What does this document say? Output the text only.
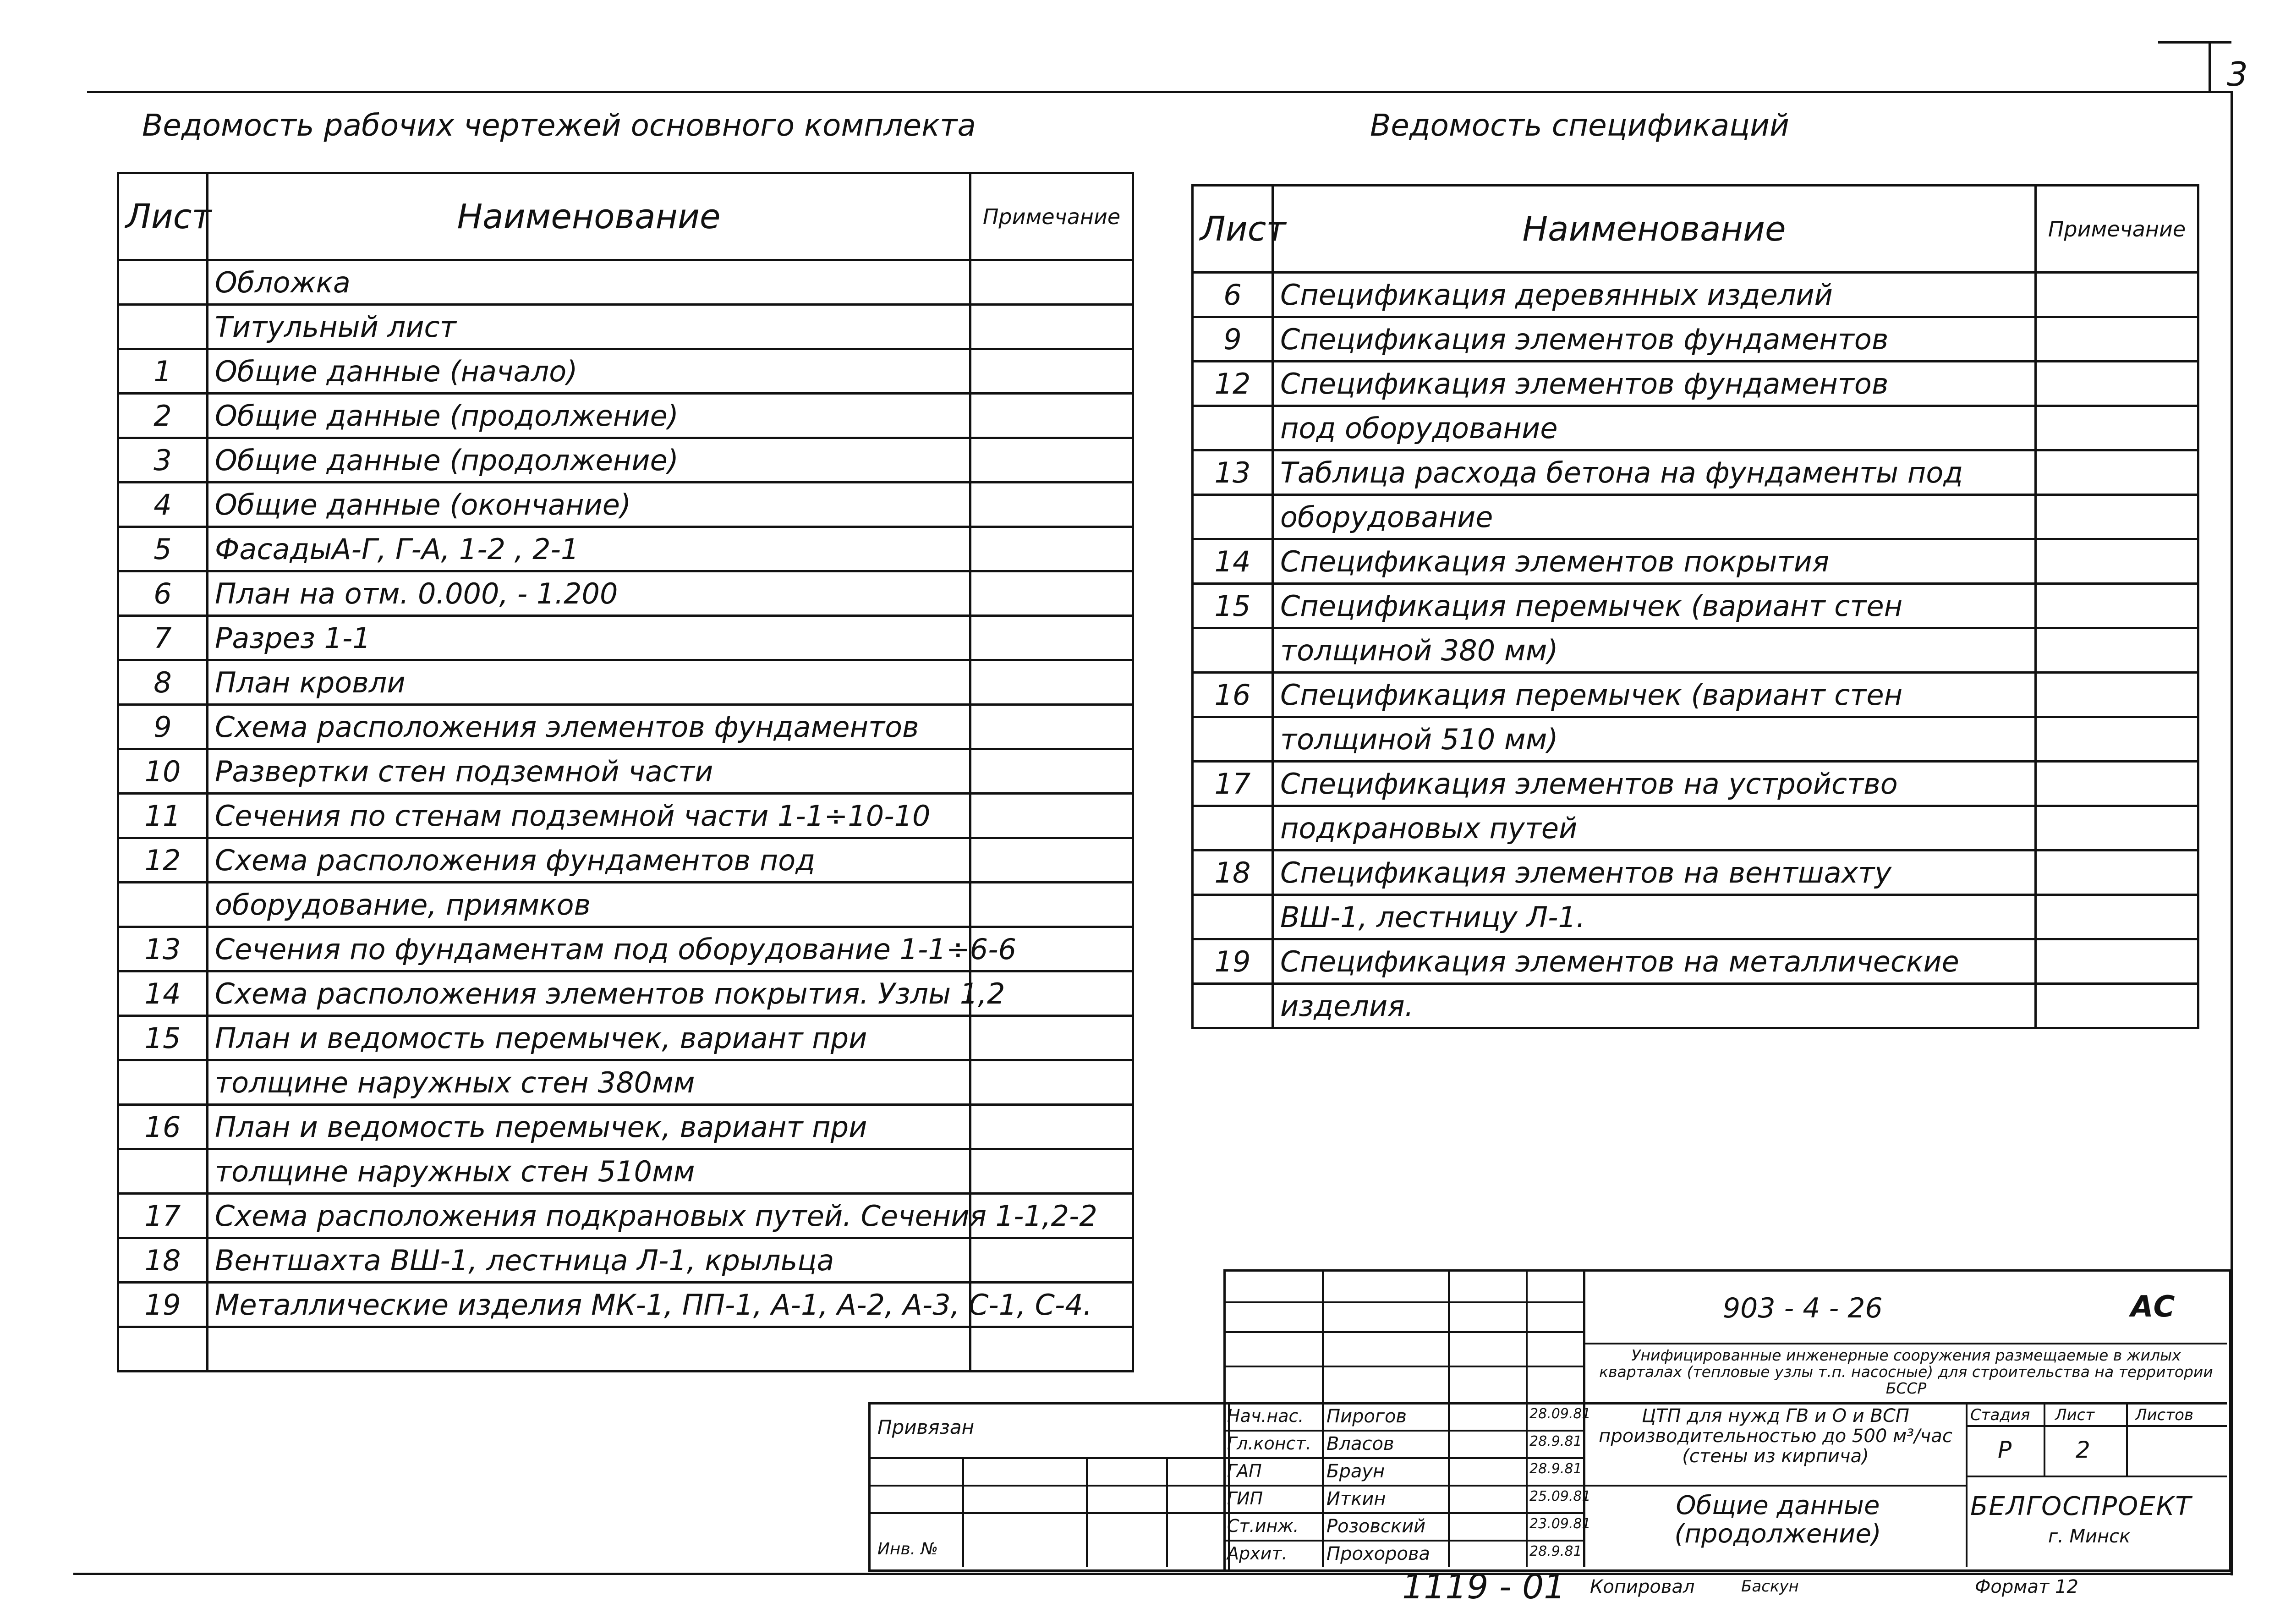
3
Ведомость рабочих чертежей основного комплекта
Лист	Наименование	Примечание
	Обложка	
	Титульный лист	
1	Общие данные (начало)	
2	Общие данные (продолжение)	
3	Общие данные (продолжение)	
4	Общие данные (окончание)	
5	ФасадыА-Г, Г-А, 1-2 , 2-1	
6	План на отм. 0.000, - 1.200	
7	Разрез 1-1	
8	План кровли	
9	Схема расположения элементов фундаментов	
10	Развертки стен подземной части	
11	Сечения по стенам подземной части 1-1÷10-10	
12	Схема расположения фундаментов под	
	оборудование, приямков	
13	Сечения по фундаментам под оборудование 1-1÷6-6	
14	Схема расположения элементов покрытия. Узлы 1,2	
15	План и ведомость перемычек, вариант при	
	толщине наружных стен 380мм	
16	План и ведомость перемычек, вариант при	
	толщине наружных стен 510мм	
17	Схема расположения подкрановых путей. Сечения 1-1,2-2	
18	Вентшахта ВШ-1, лестница Л-1, крыльца	
19	Металлические изделия МК-1, ПП-1, А-1, А-2, А-3, С-1, С-4.	

Ведомость спецификаций
Лист	Наименование	Примечание
6	Спецификация деревянных изделий	
9	Спецификация элементов фундаментов	
12	Спецификация элементов фундаментов	
	под оборудование	
13	Таблица расхода бетона на фундаменты под	
	оборудование	
14	Спецификация элементов покрытия	
15	Спецификация перемычек (вариант стен	
	толщиной 380 мм)	
16	Спецификация перемычек (вариант стен	
	толщиной 510 мм)	
17	Спецификация элементов на устройство	
	подкрановых путей	
18	Спецификация элементов на вентшахту	
	ВШ-1, лестницу Л-1.	
19	Спецификация элементов на металлические	
	изделия.	
Привязан
Инв. №
Нач.нас. Пирогов	28.09.81
Гл.конст. Власов	28.9.81
ГАП	Браун	28.9.81
ГИП	Иткин	25.09.81
Ст.инж. Розовский	23.09.81
Архит. Прохорова	28.9.81
903 - 4 - 26	АС
Унифицированные инженерные сооружения размещаемые в жилых кварталах (тепловые узлы т.п. насосные) для строительства на территории БССР
ЦТП для нужд ГВ и О и ВСП производительностью до 500 м³/час (стены из кирпича)
Общие данные (продолжение)
Стадия Лист	Листов
Р	2
БЕЛГОСПРОЕКТ
г. Минск
1119 - 01 Копировал	Баскун	Формат 12
